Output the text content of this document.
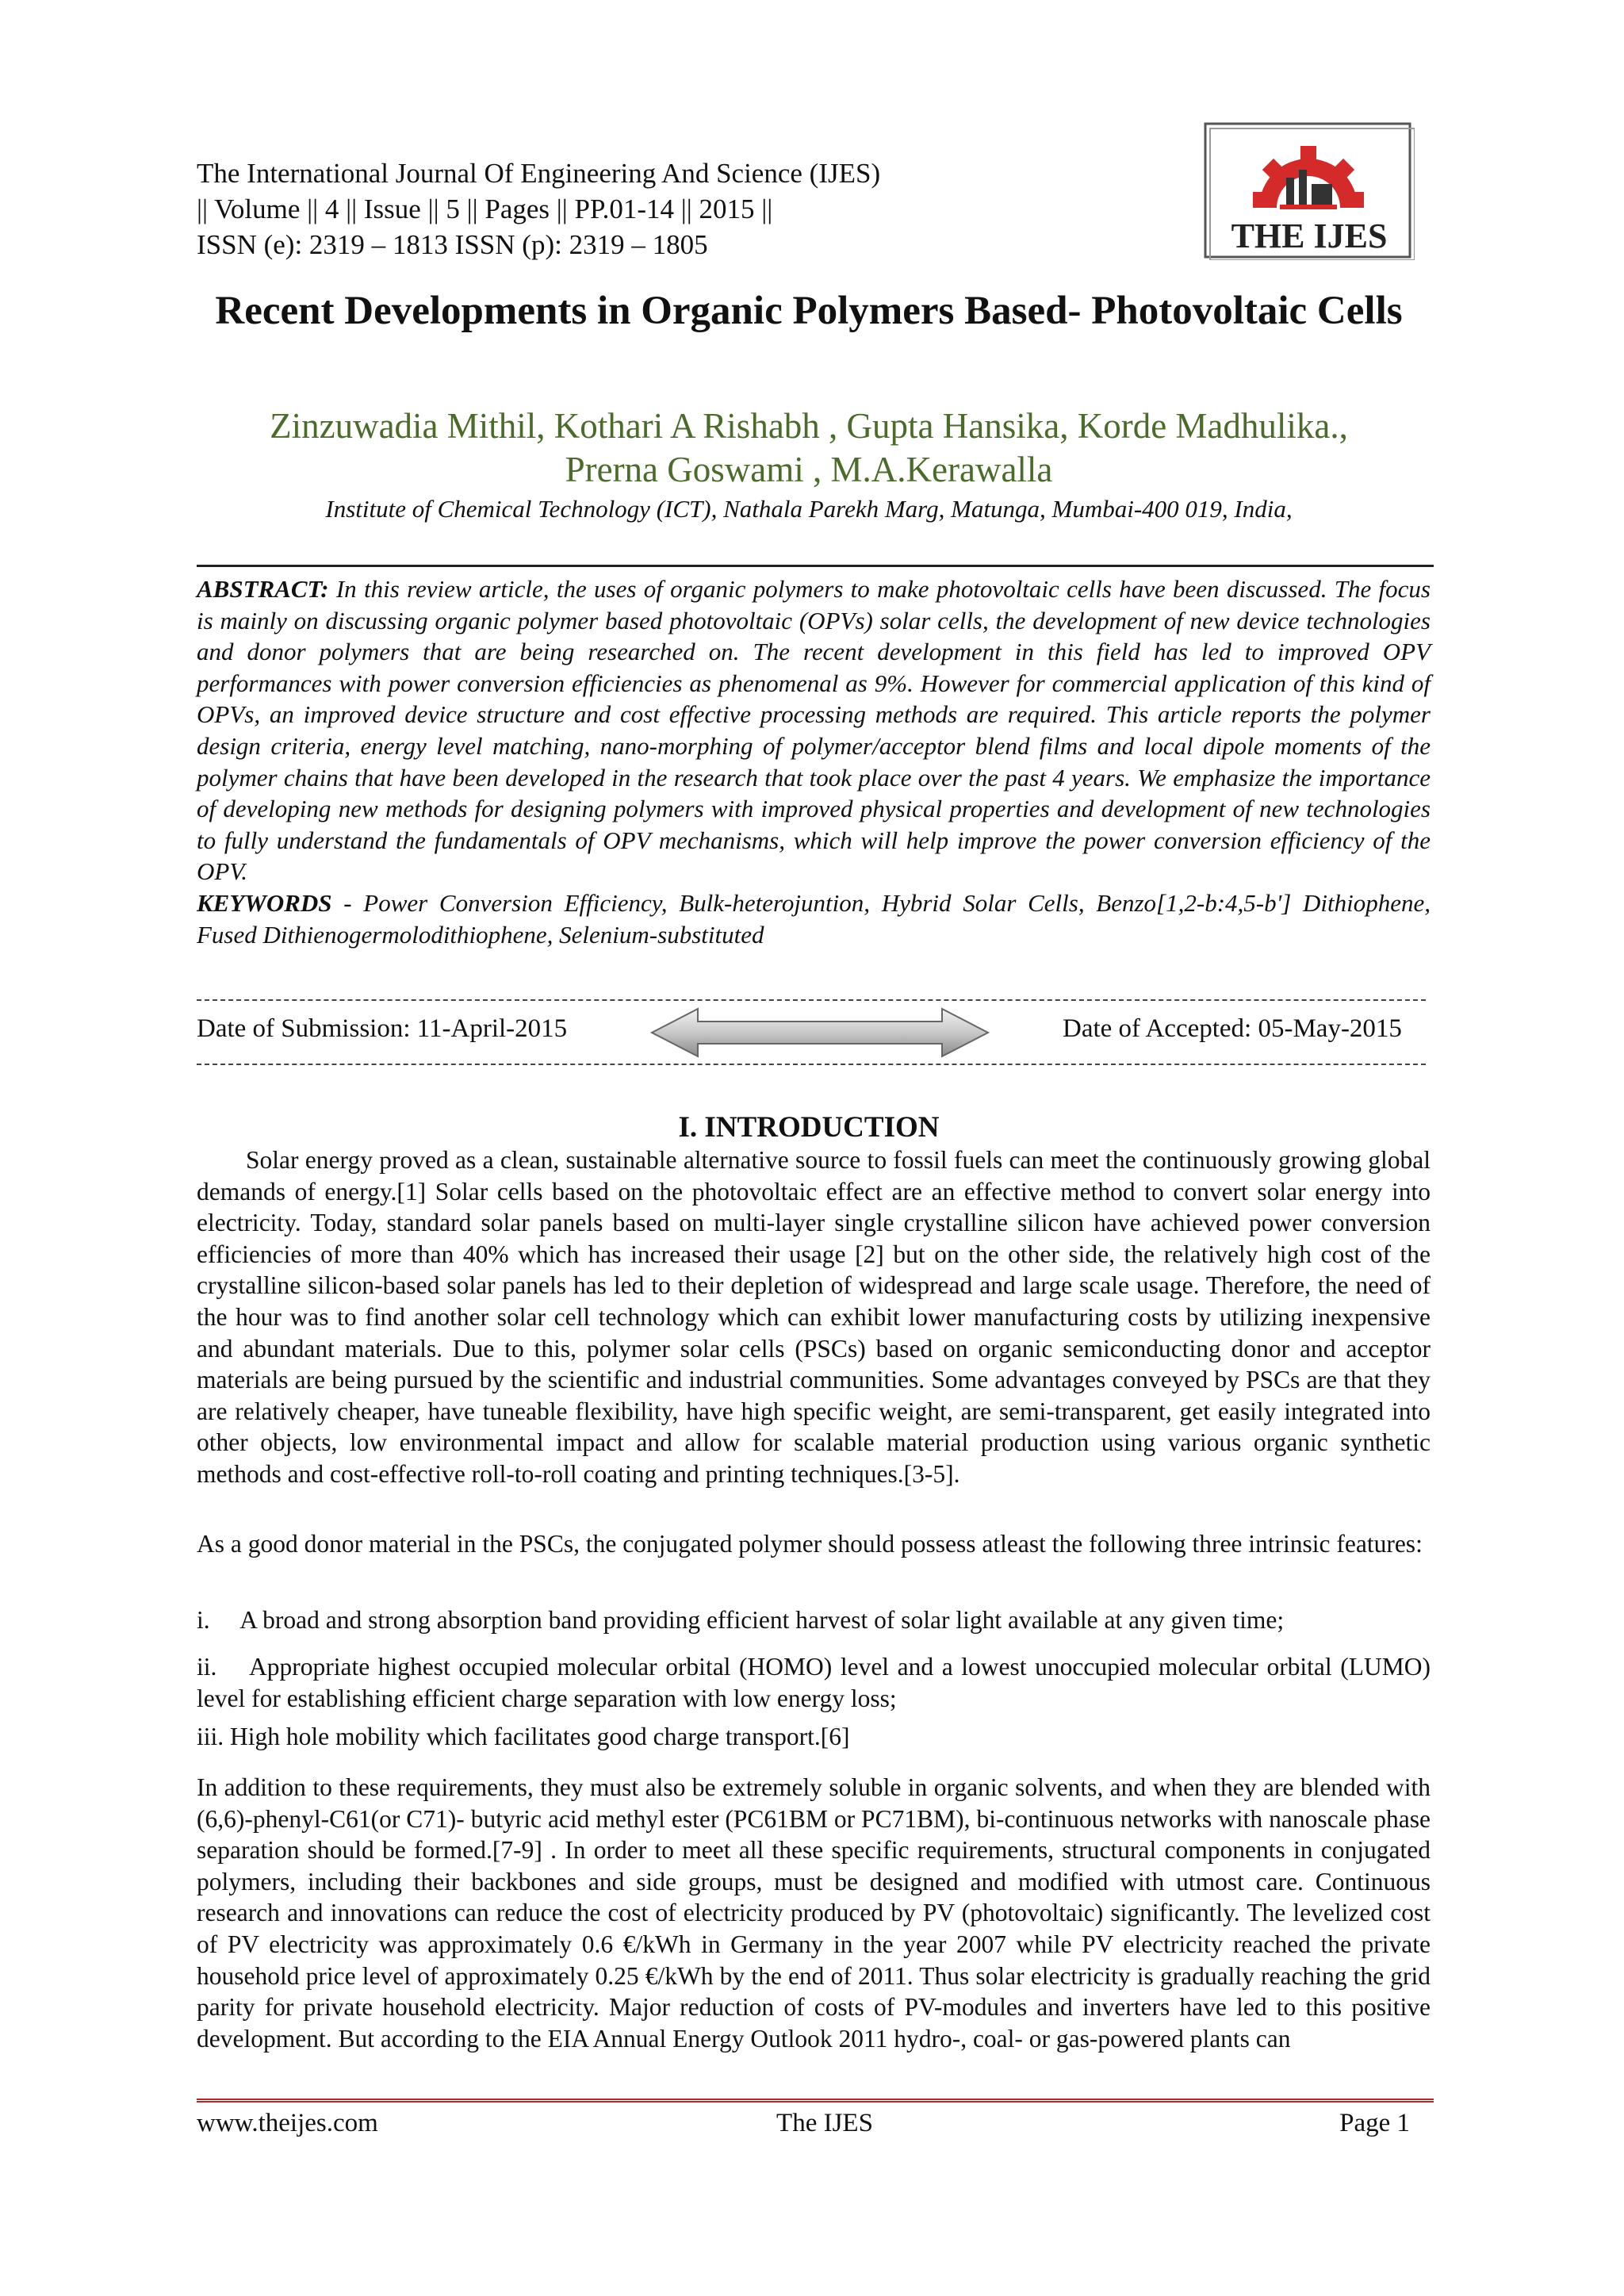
The International Journal Of Engineering And Science (IJES)
|| Volume || 4 || Issue || 5 || Pages || PP.01-14 || 2015 ||
ISSN (e): 2319 – 1813 ISSN (p): 2319 – 1805	THE IJES
Recent Developments in Organic Polymers Based- Photovoltaic Cells
Zinzuwadia Mithil, Kothari A Rishabh , Gupta Hansika, Korde Madhulika.,
Prerna Goswami , M.A.Kerawalla
Institute of Chemical Technology (ICT), Nathala Parekh Marg, Matunga, Mumbai-400 019, India,
ABSTRACT: In this review article, the uses of organic polymers to make photovoltaic cells have been discussed. The focus is mainly on discussing organic polymer based photovoltaic (OPVs) solar cells, the development of new device technologies and donor polymers that are being researched on. The recent development in this field has led to improved OPV performances with power conversion efficiencies as phenomenal as 9%. However for commercial application of this kind of OPVs, an improved device structure and cost effective processing methods are required. This article reports the polymer design criteria, energy level matching, nano-morphing of polymer/acceptor blend films and local dipole moments of the polymer chains that have been developed in the research that took place over the past 4 years. We emphasize the importance of developing new methods for designing polymers with improved physical properties and development of new technologies to fully understand the fundamentals of OPV mechanisms, which will help improve the power conversion efficiency of the OPV.
KEYWORDS - Power Conversion Efficiency, Bulk-heterojuntion, Hybrid Solar Cells, Benzo[1,2-b:4,5-b'] Dithiophene, Fused Dithienogermolodithiophene, Selenium-substituted
Date of Submission: 11-April-2015	Date of Accepted: 05-May-2015
I. INTRODUCTION
Solar energy proved as a clean, sustainable alternative source to fossil fuels can meet the continuously growing global demands of energy.[1] Solar cells based on the photovoltaic effect are an effective method to convert solar energy into electricity. Today, standard solar panels based on multi-layer single crystalline silicon have achieved power conversion efficiencies of more than 40% which has increased their usage [2] but on the other side, the relatively high cost of the crystalline silicon-based solar panels has led to their depletion of widespread and large scale usage. Therefore, the need of the hour was to find another solar cell technology which can exhibit lower manufacturing costs by utilizing inexpensive and abundant materials. Due to this, polymer solar cells (PSCs) based on organic semiconducting donor and acceptor materials are being pursued by the scientific and industrial communities. Some advantages conveyed by PSCs are that they are relatively cheaper, have tuneable flexibility, have high specific weight, are semi-transparent, get easily integrated into other objects, low environmental impact and allow for scalable material production using various organic synthetic methods and cost-effective roll-to-roll coating and printing techniques.[3-5].
As a good donor material in the PSCs, the conjugated polymer should possess atleast the following three intrinsic features:
i.     A broad and strong absorption band providing efficient harvest of solar light available at any given time;
ii.    Appropriate highest occupied molecular orbital (HOMO) level and a lowest unoccupied molecular orbital (LUMO) level for establishing efficient charge separation with low energy loss;
iii. High hole mobility which facilitates good charge transport.[6]
In addition to these requirements, they must also be extremely soluble in organic solvents, and when they are blended with (6,6)-phenyl-C61(or C71)- butyric acid methyl ester (PC61BM or PC71BM), bi-continuous networks with nanoscale phase separation should be formed.[7-9] . In order to meet all these specific requirements, structural components in conjugated polymers, including their backbones and side groups, must be designed and modified with utmost care. Continuous research and innovations can reduce the cost of electricity produced by PV (photovoltaic) significantly. The levelized cost of PV electricity was approximately 0.6 €/kWh in Germany in the year 2007 while PV electricity reached the private household price level of approximately 0.25 €/kWh by the end of 2011. Thus solar electricity is gradually reaching the grid parity for private household electricity. Major reduction of costs of PV-modules and inverters have led to this positive development. But according to the EIA Annual Energy Outlook 2011 hydro-, coal- or gas-powered plants can
www.theijes.com	The IJES	Page 1
